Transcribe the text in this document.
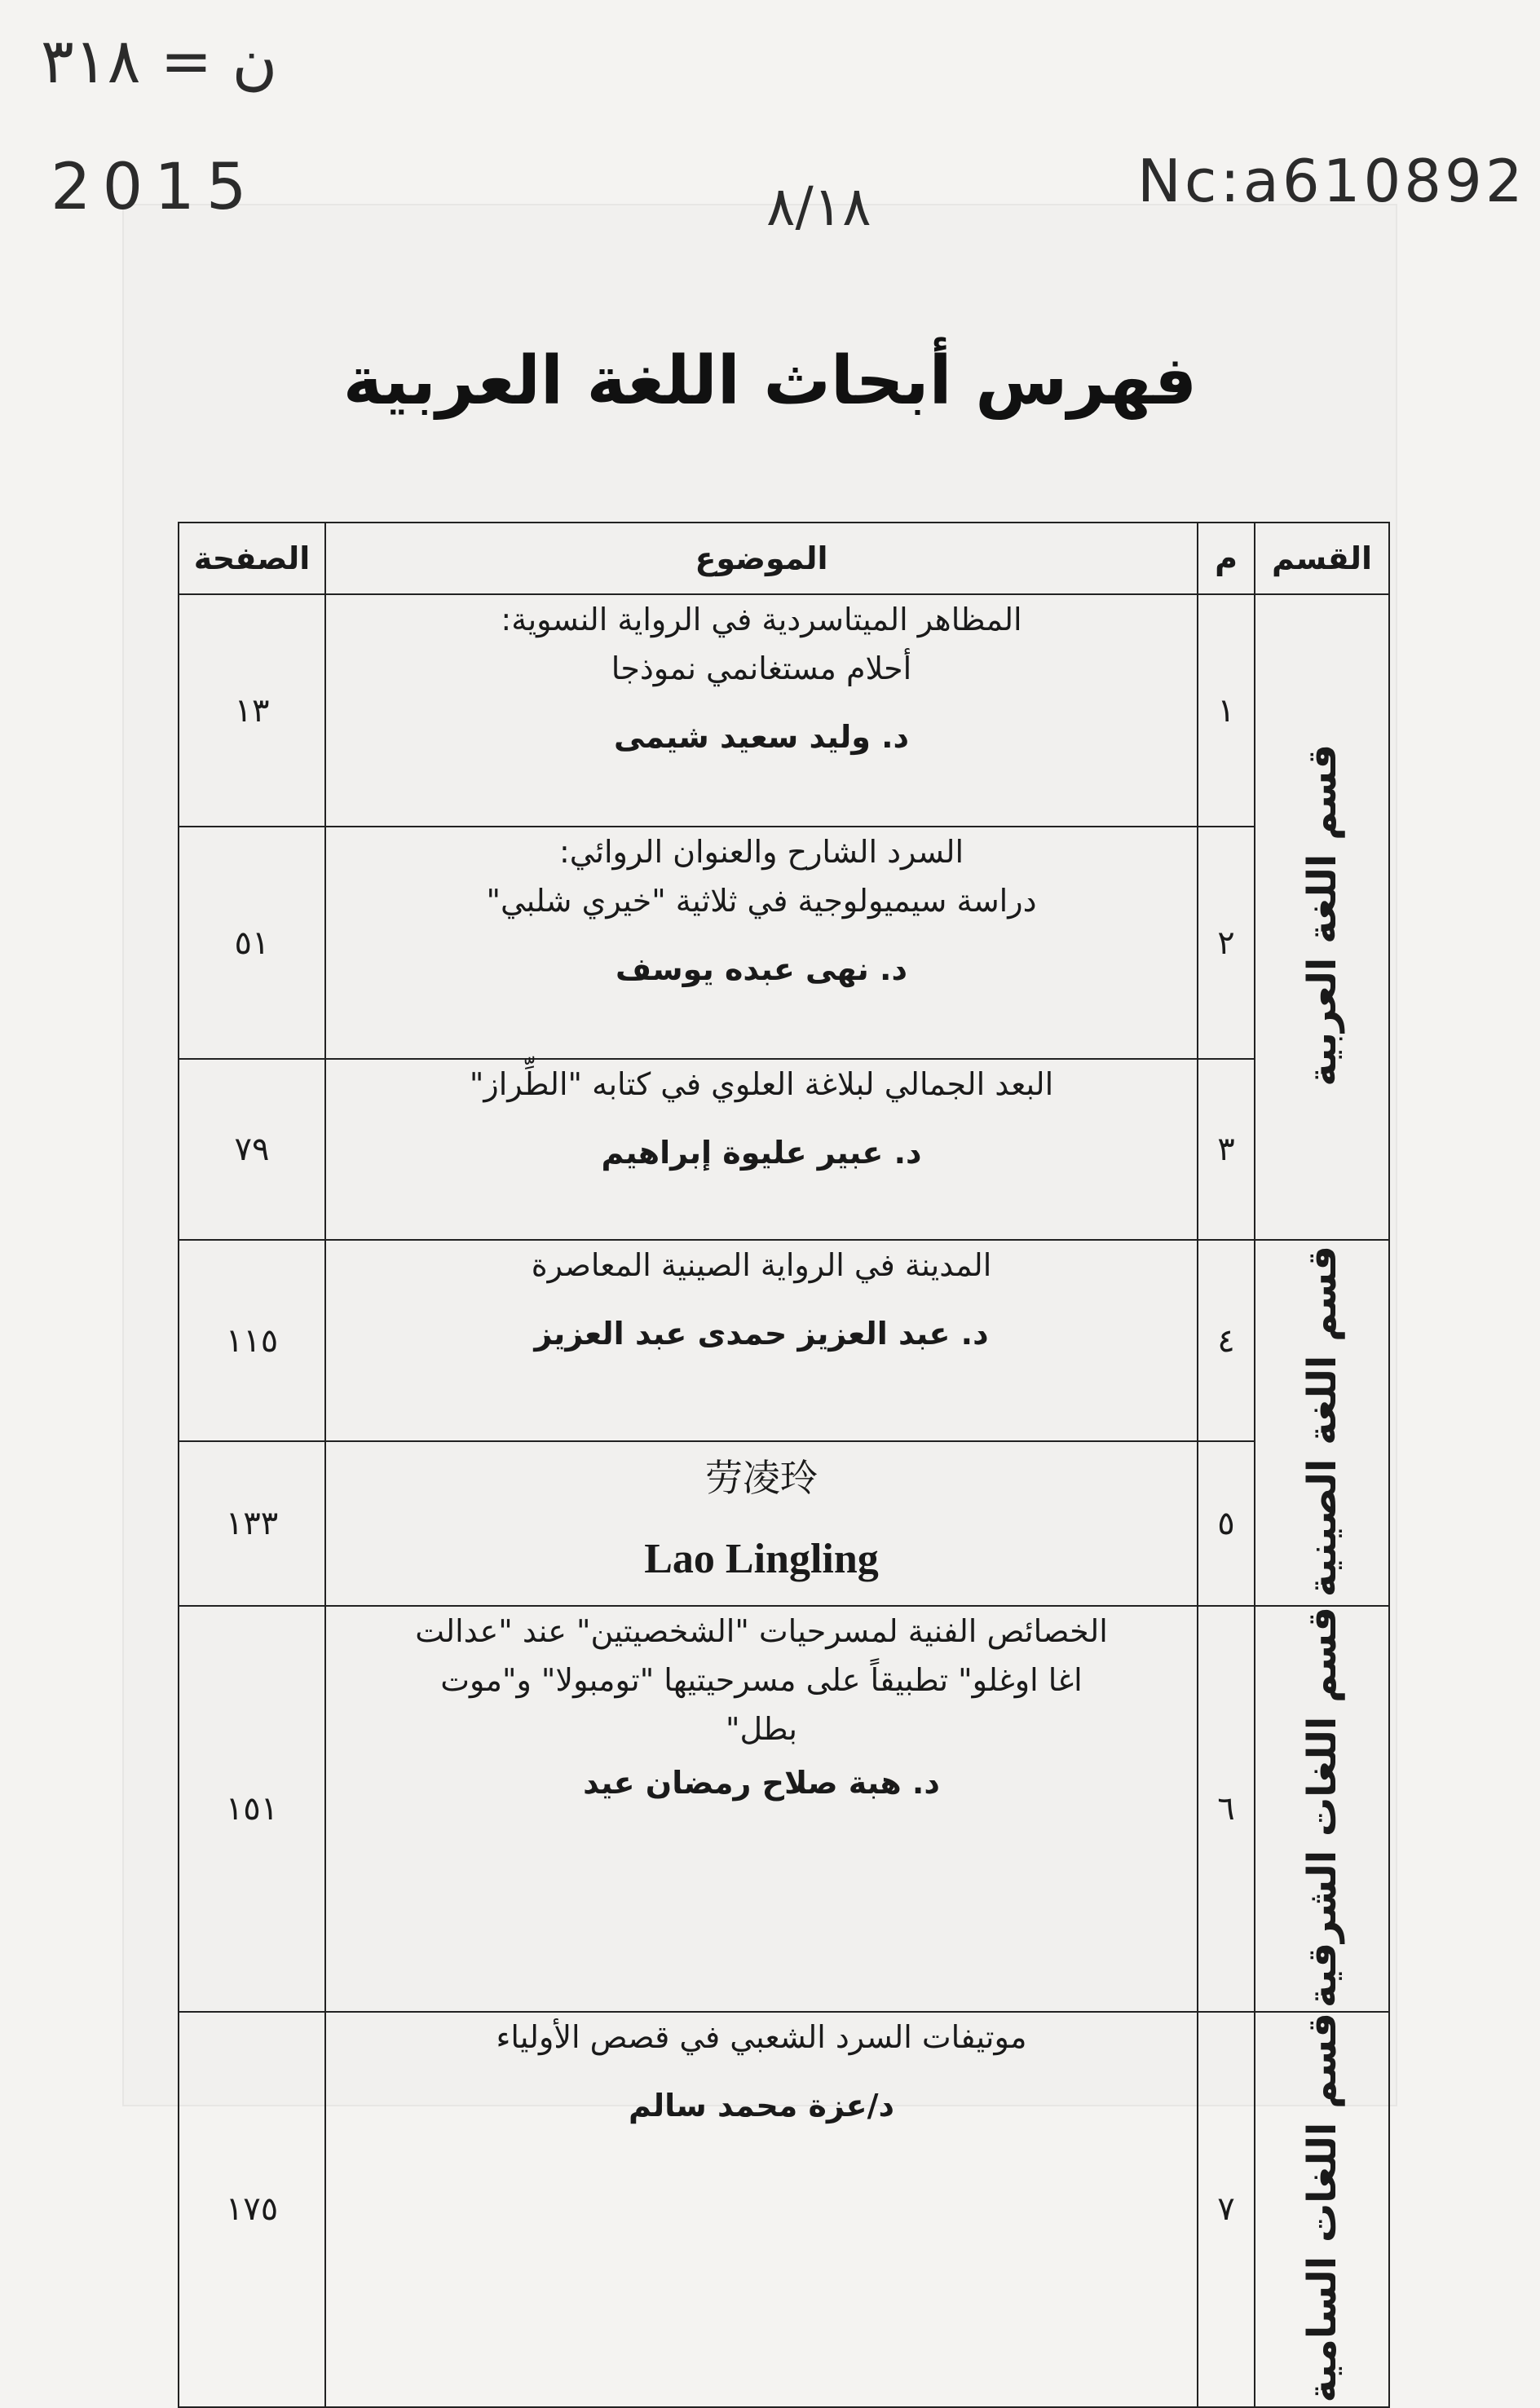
ن = ٣١٨
2015	٨/١٨	Nc:a610892
فهرس أبحاث اللغة العربية
القسم	م	الموضوع	الصفحة
قسم اللغة العربية	١	المظاهر الميتاسردية في الرواية النسوية:

أحلام مستغانمي نموذجا

د. وليد سعيد شيمى	١٣
	٢	السرد الشارح والعنوان الروائي:

دراسة سيميولوجية في ثلاثية "خيري شلبي"

د. نهى عبده يوسف	٥١
	٣	البعد الجمالي لبلاغة العلوي في كتابه "الطِّراز"

د. عبير عليوة إبراهيم	٧٩
قسم اللغة الصينية	٤	المدينة في الرواية الصينية المعاصرة

د. عبد العزيز حمدى عبد العزيز	١١٥
	٥	劳凌玲
Lao Lingling	١٣٣
قسم اللغات الشرقية	٦	الخصائص الفنية لمسرحيات "الشخصيتين" عند "عدالت

اغا اوغلو" تطبيقاً على مسرحيتيها "تومبولا" و"موت

بطل"

د. هبة صلاح رمضان عيد	١٥١
قسم اللغات السامية	٧	موتيفات السرد الشعبي في قصص الأولياء

د/عزة محمد سالم	١٧٥
